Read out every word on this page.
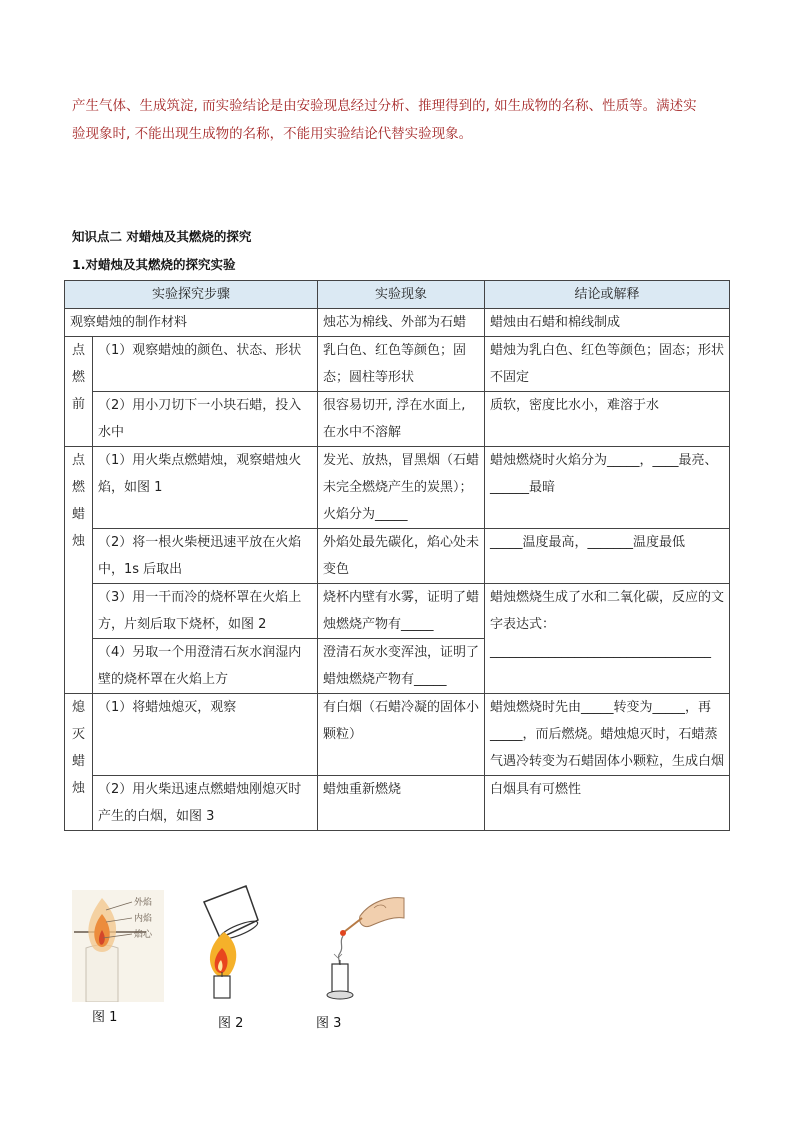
产生气体、生成筑淀, 而实验结论是由安验现息经过分析、推理得到的, 如生成物的名称、性质等。满述实
验现象时, 不能出现生成物的名称，不能用实验结论代替实验现象。
知识点二 对蜡烛及其燃烧的探究
1.对蜡烛及其燃烧的探究实验
实验探究步骤		实验现象	结论或解释
观察蜡烛的制作材料		烛芯为棉线、外部为石蜡	蜡烛由石蜡和棉线制成

点
燃
前	（1）观察蜡烛的颜色、状态、形状	乳白色、红色等颜色；固态；圆柱等形状	蜡烛为乳白色、红色等颜色；固态；形状不固定
	（2）用小刀切下一小块石蜡，投入水中	很容易切开, 浮在水面上, 在水中不溶解	质软，密度比水小，难溶于水

点
燃
蜡
烛	（1）用火柴点燃蜡烛，观察蜡烛火焰，如图 1	发光、放热，冒黑烟（石蜡未完全燃烧产生的炭黑）；火焰分为_____	蜡烛燃烧时火焰分为_____，____最亮、______最暗
	（2）将一根火柴梗迅速平放在火焰中，1s 后取出	外焰处最先碳化，焰心处未变色	_____温度最高，_______温度最低
	（3）用一干而冷的烧杯罩在火焰上方，片刻后取下烧杯，如图 2	烧杯内壁有水雾，证明了蜡烛燃烧产物有_____	蜡烛燃烧生成了水和二氧化碳，反应的文字表达式：
__________________________________

	（4）另取一个用澄清石灰水润湿内壁的烧杯罩在火焰上方	澄清石灰水变浑浊，证明了蜡烛燃烧产物有_____	

熄
灭
蜡
烛	（1）将蜡烛熄灭，观察	有白烟（石蜡冷凝的固体小颗粒）	蜡烛燃烧时先由_____转变为_____，再_____，而后燃烧。蜡烛熄灭时，石蜡蒸气遇冷转变为石蜡固体小颗粒，生成白烟
	（2）用火柴迅速点燃蜡烛刚熄灭时产生的白烟，如图 3	蜡烛重新燃烧	白烟具有可燃性
外焰
内焰
焰心
图 1	图 2	图 3
